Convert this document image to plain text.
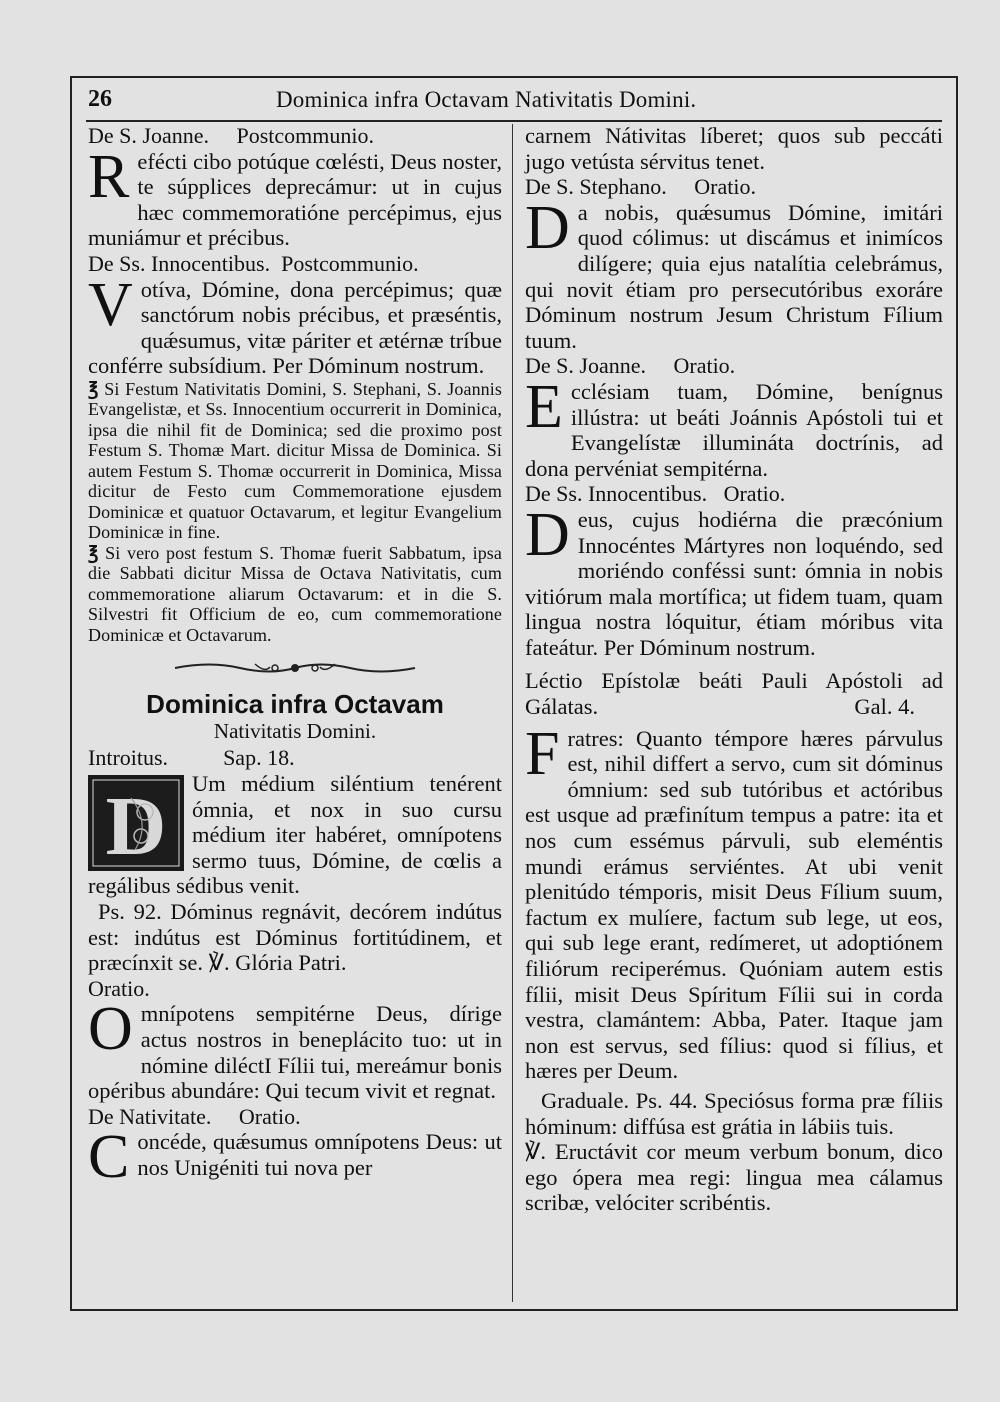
26	Dominica infra Octavam Nativitatis Domini.

De S. Joanne.     Postcommunio.

Refécti cibo potúque cœlésti, Deus noster, te súpplices deprecámur: ut in cujus hæc commemoratióne percépimus, ejus muniámur et précibus.

De Ss. Innocentibus.  Postcommunio.

Votíva, Dómine, dona percépimus; quæ sanctórum nobis précibus, et præséntis, quǽsumus, vitæ páriter et ætérnæ tríbue conférre subsídium. Per Dóminum nostrum.

℥ Si Festum Nativitatis Domini, S. Stephani, S. Joannis Evangelistæ, et Ss. Innocentium occurrerit in Dominica, ipsa die nihil fit de Dominica; sed die proximo post Festum S. Thomæ Mart. dicitur Missa de Dominica. Si autem Festum S. Thomæ occurrerit in Dominica, Missa dicitur de Festo cum Commemoratione ejusdem Dominicæ et quatuor Octavarum, et legitur Evangelium Dominicæ in fine.

℥ Si vero post festum S. Thomæ fuerit Sabbatum, ipsa die Sabbati dicitur Missa de Octava Nativitatis, cum commemoratione aliarum Octavarum: et in die S. Silvestri fit Officium de eo, cum commemoratione Dominicæ et Octavarum.

Dominica infra Octavam
Nativitatis Domini.

Introitus.	Sap. 18.

D Um médium siléntium tenérent ómnia, et nox in suo cursu médium iter habéret, omnípotens sermo tuus, Dómine, de cœlis a regálibus sédibus venit.

Ps. 92. Dóminus regnávit, decórem indútus est: indútus est Dóminus fortitúdinem, et præcínxit se. ℣. Glória Patri.

Oratio.

Omnípotens sempitérne Deus, dírige actus nostros in beneplácito tuo: ut in nómine diléctI Fílii tui, mereámur bonis opéribus abundáre: Qui tecum vivit et regnat.

De Nativitate.     Oratio.

Concéde, quǽsumus omnípotens Deus: ut nos Unigéniti tui nova per

carnem Nátivitas líberet; quos sub peccáti jugo vetústa sérvitus tenet.

De S. Stephano.     Oratio.

Da nobis, quǽsumus Dómine, imitári quod cólimus: ut discámus et inimícos dilígere; quia ejus natalítia celebrámus, qui novit étiam pro persecutóribus exoráre Dóminum nostrum Jesum Christum Fílium tuum.

De S. Joanne.     Oratio.

Ecclésiam tuam, Dómine, benígnus illústra: ut beáti Joánnis Apóstoli tui et Evangelístæ illumináta doctrínis, ad dona pervéniat sempitérna.

De Ss. Innocentibus.   Oratio.

Deus, cujus hodiérna die præcónium Innocéntes Mártyres non loquéndo, sed moriéndo conféssi sunt: ómnia in nobis vitiórum mala mortífica; ut fidem tuam, quam lingua nostra lóquitur, étiam móribus vita fateátur. Per Dóminum nostrum.

Léctio Epístolæ beáti Pauli Apóstoli ad Gálatas.	Gal. 4.

Fratres: Quanto témpore hæres párvulus est, nihil differt a servo, cum sit dóminus ómnium: sed sub tutóribus et actóribus est usque ad præfinítum tempus a patre: ita et nos cum essémus párvuli, sub eleméntis mundi erámus serviéntes. At ubi venit plenitúdo témporis, misit Deus Fílium suum, factum ex mulíere, factum sub lege, ut eos, qui sub lege erant, redímeret, ut adoptiónem filiórum reciperémus. Quóniam autem estis fílii, misit Deus Spíritum Fílii sui in corda vestra, clamántem: Abba, Pater. Itaque jam non est servus, sed fílius: quod si fílius, et hæres per Deum.

Graduale. Ps. 44. Speciósus forma præ fíliis hóminum: diffúsa est grátia in lábiis tuis.

℣. Eructávit cor meum verbum bonum, dico ego ópera mea regi: lingua mea cálamus scribæ, velóciter scribéntis.
